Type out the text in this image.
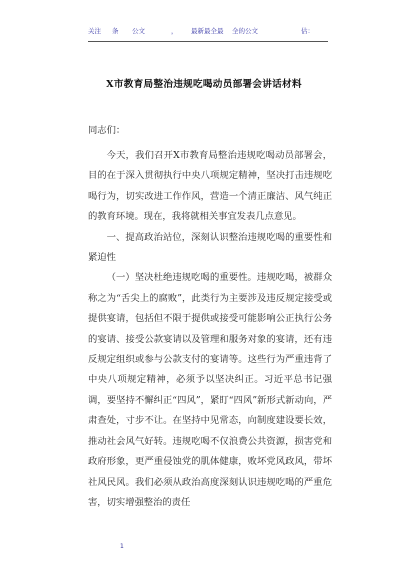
关注 条 公文	， 最新最全最 全的公文	估：
X市教育局整治违规吃喝动员部署会讲话材料

同志们：

今天，我们召开X市教育局整治违规吃喝动员部署会，目的在于深入贯彻执行中央八项规定精神，坚决打击违规吃喝行为，切实改进工作作风，营造一个清正廉洁、风气纯正的教育环境。现在，我将就相关事宜发表几点意见。

一、提高政治站位，深刻认识整治违规吃喝的重要性和紧迫性

（一）坚决杜绝违规吃喝的重要性。违规吃喝，被群众称之为“舌尖上的腐败”，此类行为主要涉及违反规定接受或提供宴请，包括但不限于提供或接受可能影响公正执行公务的宴请、接受公款宴请以及管理和服务对象的宴请，还有违反规定组织或参与公款支付的宴请等。这些行为严重违背了中央八项规定精神，必须予以坚决纠正。习近平总书记强调，要坚持不懈纠正“四风”，紧盯“四风”新形式新动向，严肃查处，寸步不让。在坚持中见常态，向制度建设要长效，推动社会风气好转。违规吃喝不仅浪费公共资源，损害党和政府形象，更严重侵蚀党的肌体健康，败坏党风政风，带坏社风民风。我们必须从政治高度深刻认识违规吃喝的严重危害，切实增强整治的责任

1
